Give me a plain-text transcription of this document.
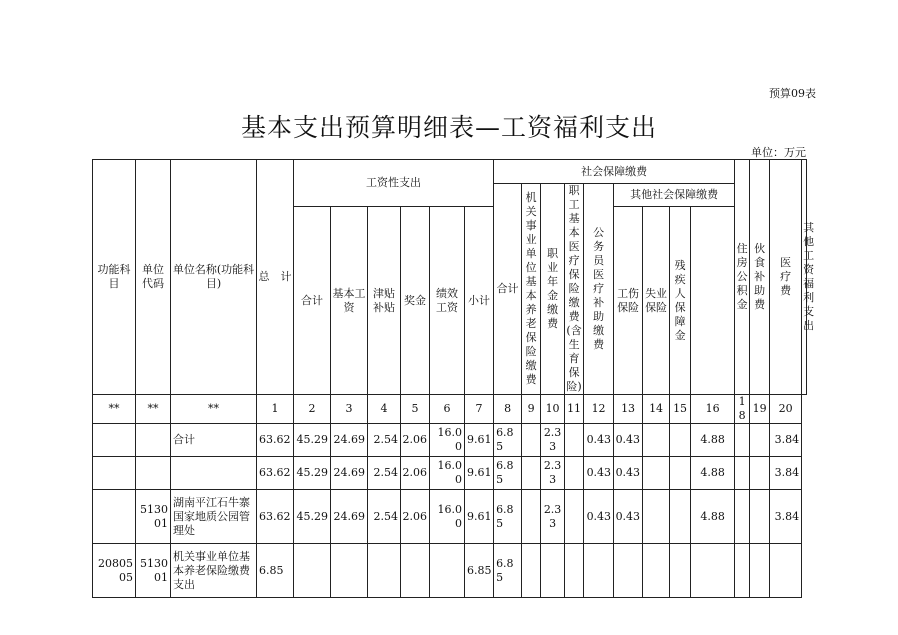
预算09表
基本支出预算明细表—工资福利支出
单位：万元
功能科目	单位代码	单位名称(功能科目)	总　计	工资性支出						社会保障缴费									住房公积金	伙食补助费	医疗费	其他工资福利支出
										合计	机关事业单位基本养老保险缴费	职业年金缴费	职工基本医疗保险缴费(含生育保险)	公务员医疗补助缴费	其他社会保障缴费							
				合计	基本工资	津贴补贴	奖金	绩效工资	小计						工伤保险	失业保险	残疾人保障金					

**	**	**	1	2	3	4	5	6	7	8	9	10	11	12	13	14	15	16	18	19	20	
		合计	63.62	45.29	24.69	2.54	2.06	16.00	9.61	6.85		2.33		0.43	0.43			4.88			3.84	
			63.62	45.29	24.69	2.54	2.06	16.00	9.61	6.85		2.33		0.43	0.43			4.88			3.84	
	513001	湖南平江石牛寨国家地质公园管理处	63.62	45.29	24.69	2.54	2.06	16.00	9.61	6.85		2.33		0.43	0.43			4.88			3.84	
2080505	513001	机关事业单位基本养老保险缴费支出	6.85						6.85	6.85												
